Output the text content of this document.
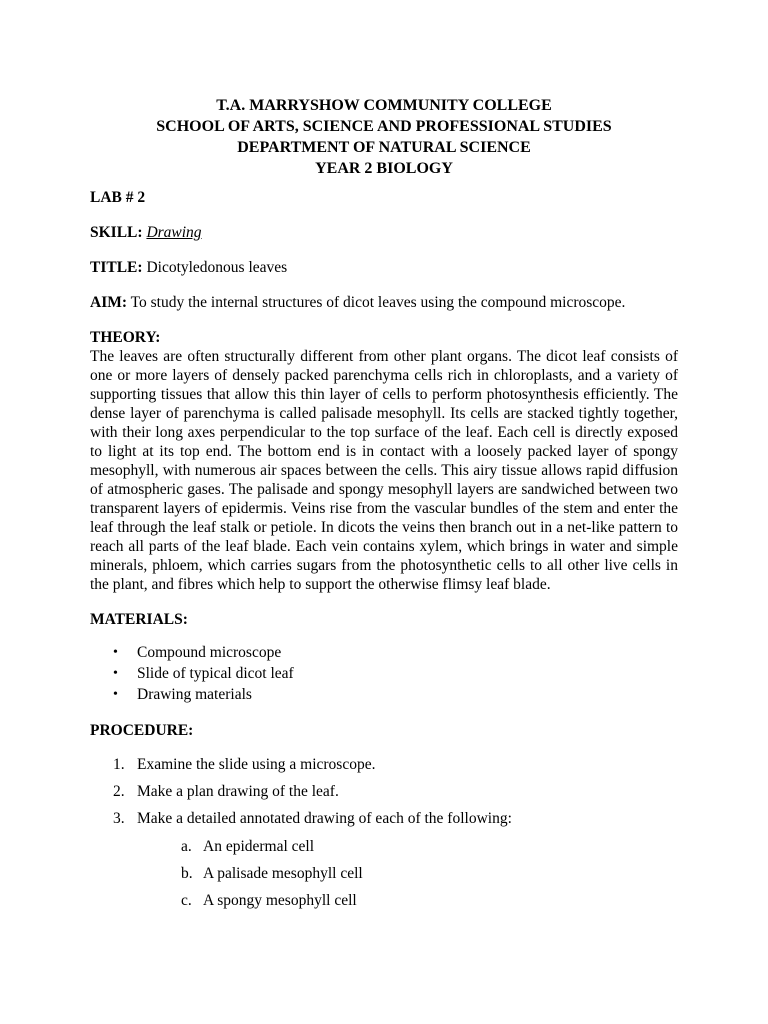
T.A. MARRYSHOW COMMUNITY COLLEGE
SCHOOL OF ARTS, SCIENCE AND PROFESSIONAL STUDIES
DEPARTMENT OF NATURAL SCIENCE
YEAR 2 BIOLOGY
LAB # 2
SKILL: Drawing
TITLE: Dicotyledonous leaves
AIM: To study the internal structures of dicot leaves using the compound microscope.
THEORY:
The leaves are often structurally different from other plant organs. The dicot leaf consists of one or more layers of densely packed parenchyma cells rich in chloroplasts, and a variety of supporting tissues that allow this thin layer of cells to perform photosynthesis efficiently. The dense layer of parenchyma is called palisade mesophyll. Its cells are stacked tightly together, with their long axes perpendicular to the top surface of the leaf. Each cell is directly exposed to light at its top end. The bottom end is in contact with a loosely packed layer of spongy mesophyll, with numerous air spaces between the cells. This airy tissue allows rapid diffusion of atmospheric gases. The palisade and spongy mesophyll layers are sandwiched between two transparent layers of epidermis. Veins rise from the vascular bundles of the stem and enter the leaf through the leaf stalk or petiole. In dicots the veins then branch out in a net-like pattern to reach all parts of the leaf blade. Each vein contains xylem, which brings in water and simple minerals, phloem, which carries sugars from the photosynthetic cells to all other live cells in the plant, and fibres which help to support the otherwise flimsy leaf blade.
MATERIALS:
•	Compound microscope
•	Slide of typical dicot leaf
•	Drawing materials
PROCEDURE:
1. Examine the slide using a microscope.
2. Make a plan drawing of the leaf.
3. Make a detailed annotated drawing of each of the following:
a. An epidermal cell
b. A palisade mesophyll cell
c. A spongy mesophyll cell
